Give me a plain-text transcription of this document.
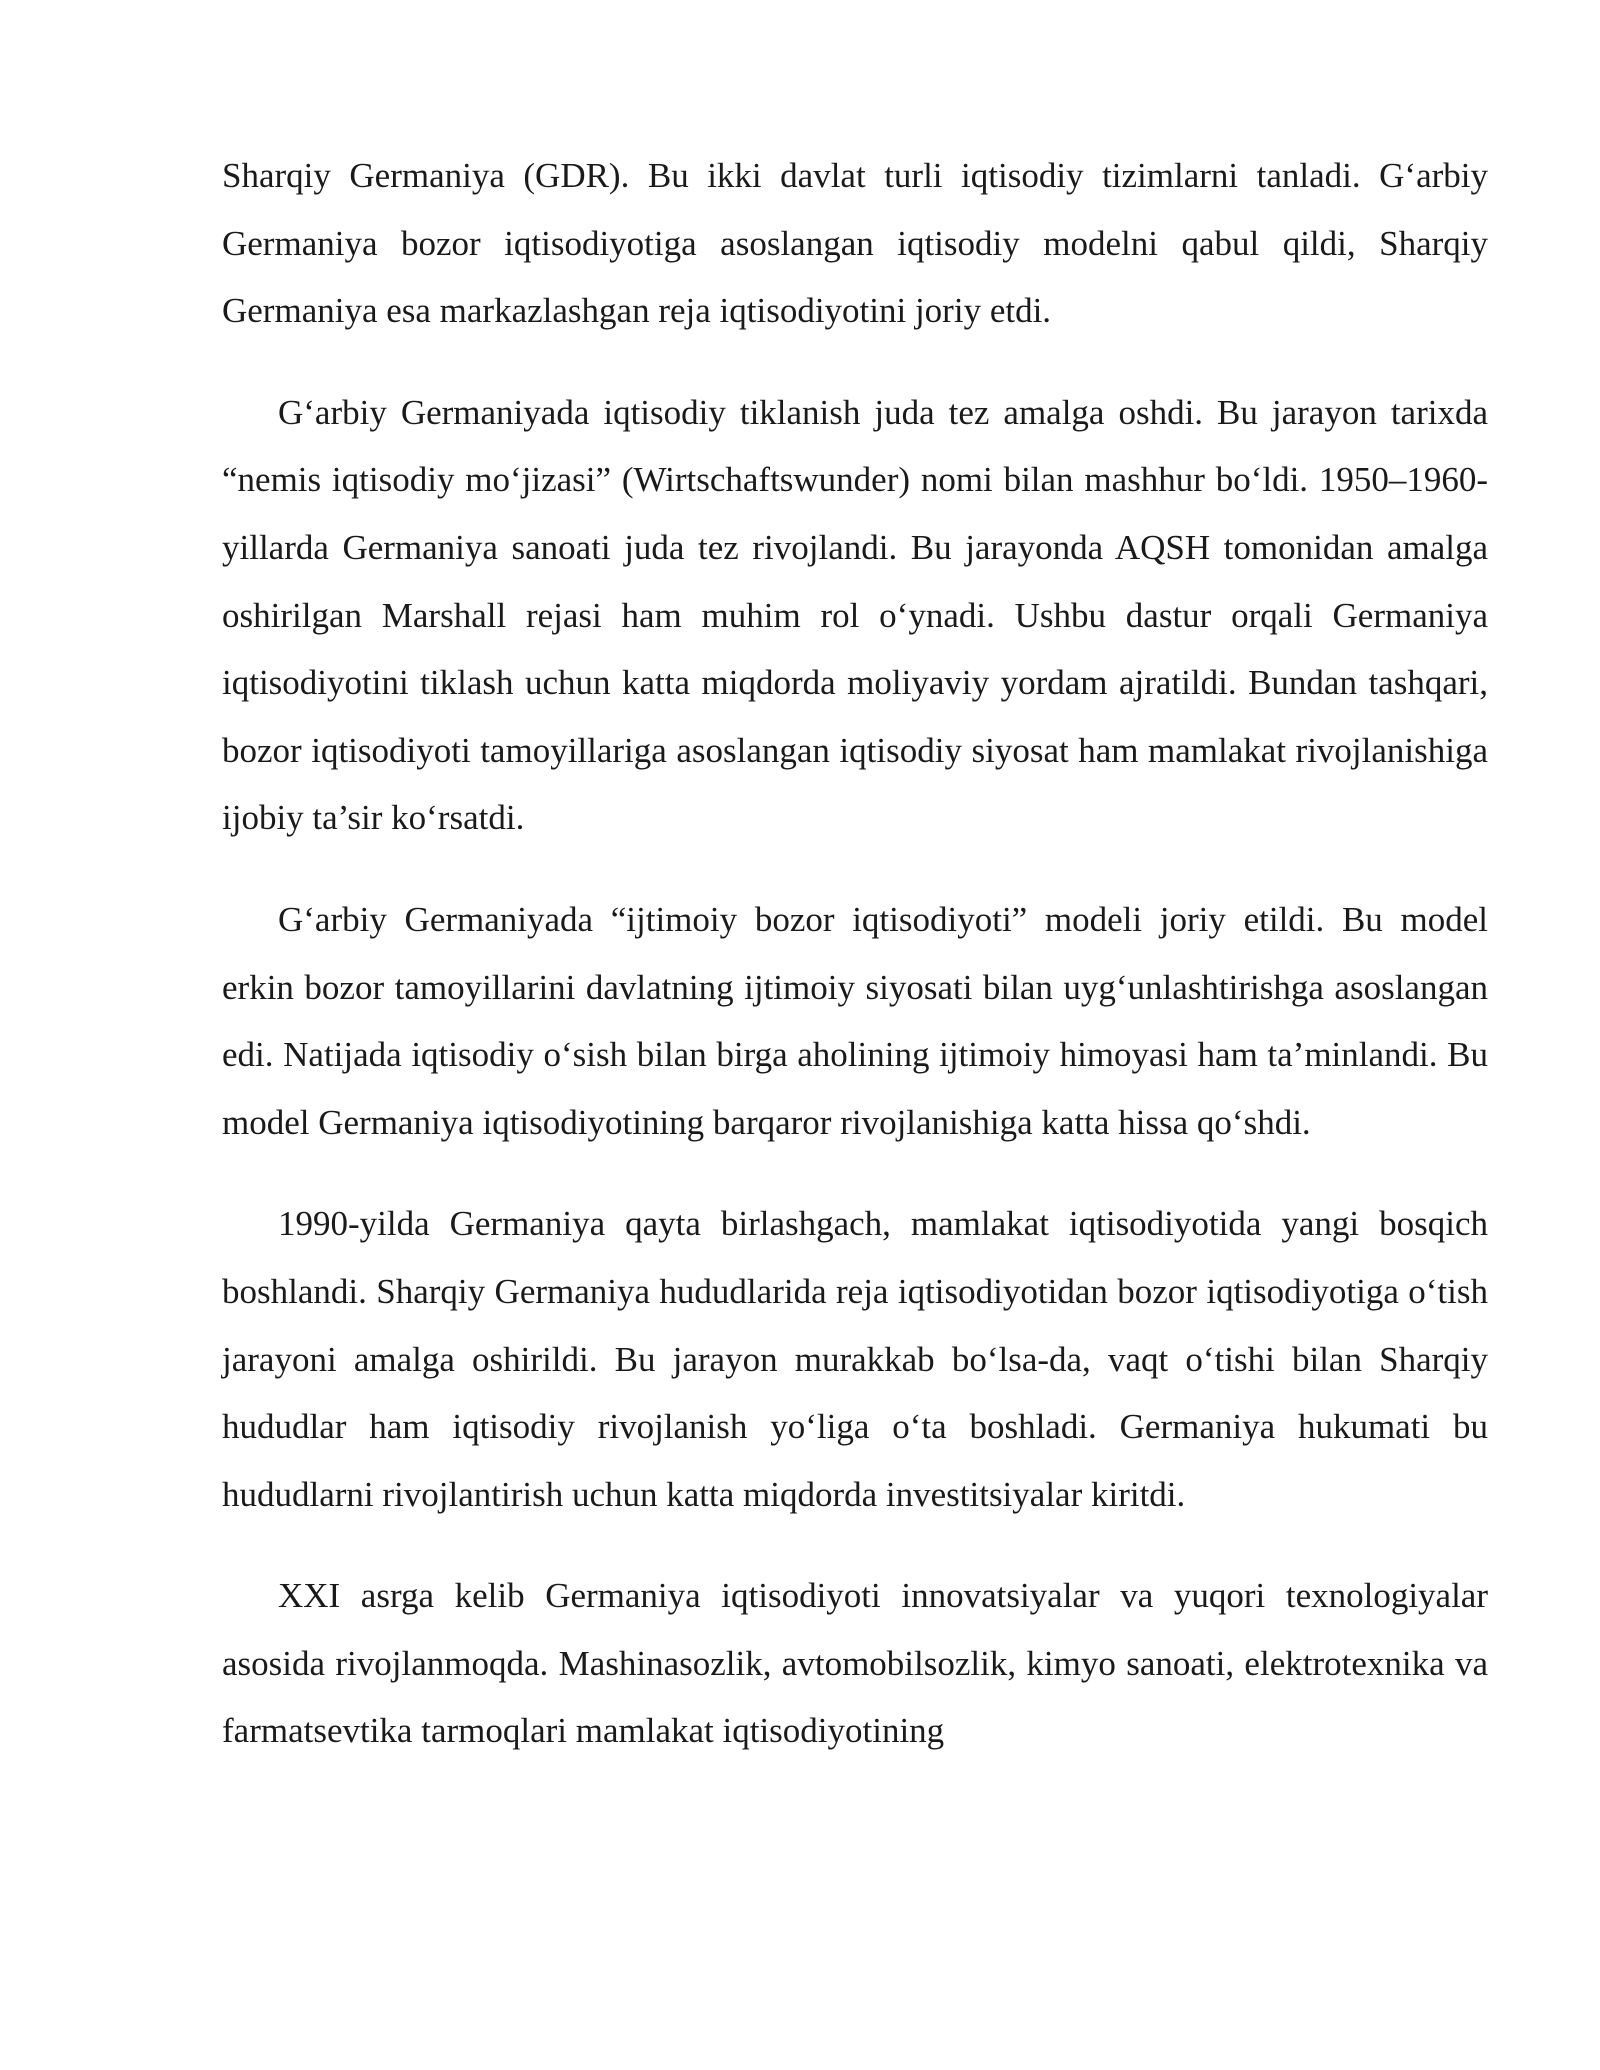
Sharqiy Germaniya (GDR). Bu ikki davlat turli iqtisodiy tizimlarni tanladi. G‘arbiy Germaniya bozor iqtisodiyotiga asoslangan iqtisodiy modelni qabul qildi, Sharqiy Germaniya esa markazlashgan reja iqtisodiyotini joriy etdi.

G‘arbiy Germaniyada iqtisodiy tiklanish juda tez amalga oshdi. Bu jarayon tarixda “nemis iqtisodiy mo‘jizasi” (Wirtschaftswunder) nomi bilan mashhur bo‘ldi. 1950–1960-yillarda Germaniya sanoati juda tez rivojlandi. Bu jarayonda AQSH tomonidan amalga oshirilgan Marshall rejasi ham muhim rol o‘ynadi. Ushbu dastur orqali Germaniya iqtisodiyotini tiklash uchun katta miqdorda moliyaviy yordam ajratildi. Bundan tashqari, bozor iqtisodiyoti tamoyillariga asoslangan iqtisodiy siyosat ham mamlakat rivojlanishiga ijobiy ta’sir ko‘rsatdi.

G‘arbiy Germaniyada “ijtimoiy bozor iqtisodiyoti” modeli joriy etildi. Bu model erkin bozor tamoyillarini davlatning ijtimoiy siyosati bilan uyg‘unlashtirishga asoslangan edi. Natijada iqtisodiy o‘sish bilan birga aholining ijtimoiy himoyasi ham ta’minlandi. Bu model Germaniya iqtisodiyotining barqaror rivojlanishiga katta hissa qo‘shdi.

1990-yilda Germaniya qayta birlashgach, mamlakat iqtisodiyotida yangi bosqich boshlandi. Sharqiy Germaniya hududlarida reja iqtisodiyotidan bozor iqtisodiyotiga o‘tish jarayoni amalga oshirildi. Bu jarayon murakkab bo‘lsa-da, vaqt o‘tishi bilan Sharqiy hududlar ham iqtisodiy rivojlanish yo‘liga o‘ta boshladi. Germaniya hukumati bu hududlarni rivojlantirish uchun katta miqdorda investitsiyalar kiritdi.

XXI asrga kelib Germaniya iqtisodiyoti innovatsiyalar va yuqori texnologiyalar asosida rivojlanmoqda. Mashinasozlik, avtomobilsozlik, kimyo sanoati, elektrotexnika va farmatsevtika tarmoqlari mamlakat iqtisodiyotining
